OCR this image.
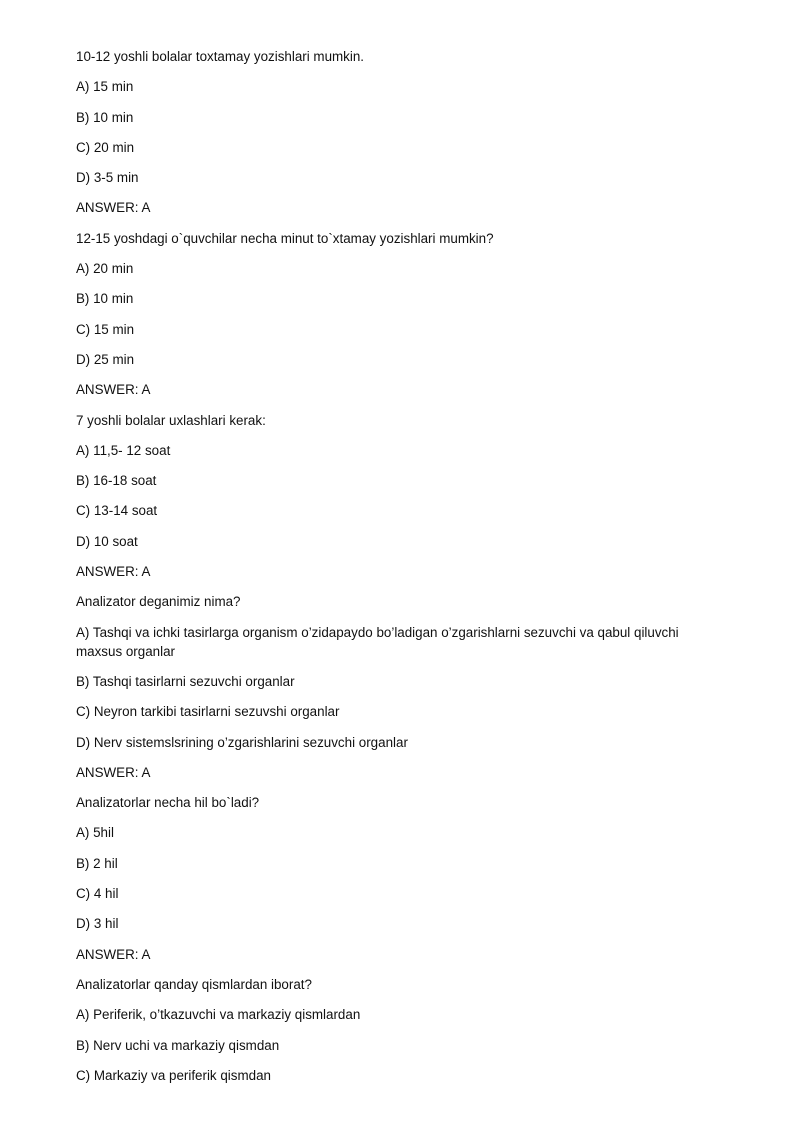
10-12 yoshli bolalar toxtamay yozishlari mumkin.

A) 15 min

B) 10 min

C) 20 min

D) 3-5 min

ANSWER: A

12-15 yoshdagi o`quvchilar necha minut to`xtamay yozishlari mumkin?

A) 20 min

B) 10 min

C) 15 min

D) 25 min

ANSWER: A

7 yoshli bolalar uxlashlari kerak:

A) 11,5- 12 soat

B) 16-18 soat

C) 13-14 soat

D) 10 soat

ANSWER: A

Analizator deganimiz nima?

A) Tashqi va ichki tasirlarga organism o’zidapaydo bo’ladigan o’zgarishlarni sezuvchi va qabul qiluvchi maxsus organlar

B) Tashqi tasirlarni sezuvchi organlar

C) Neyron tarkibi tasirlarni sezuvshi organlar

D) Nerv sistemslsrining o’zgarishlarini sezuvchi organlar

ANSWER: A

Analizatorlar necha hil bo`ladi?

A) 5hil

B) 2 hil

C) 4 hil

D) 3 hil

ANSWER: A

Analizatorlar qanday qismlardan iborat?

A) Periferik, o’tkazuvchi va markaziy qismlardan

B) Nerv uchi va markaziy qismdan

C) Markaziy va periferik qismdan
